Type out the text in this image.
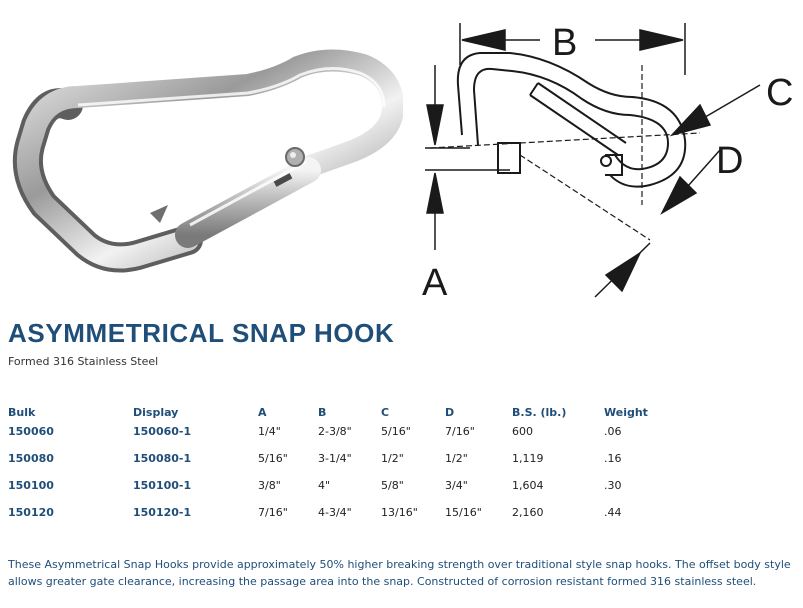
B
C
D
A
ASYMMETRICAL SNAP HOOK
Formed 316 Stainless Steel
Bulk	Display	A	B	C	D	B.S. (lb.)	Weight
150060	150060-1	1/4"	2-3/8"	5/16"	7/16"	600	.06
150080	150080-1	5/16"	3-1/4"	1/2"	1/2"	1,119	.16
150100	150100-1	3/8"	4"	5/8"	3/4"	1,604	.30
150120	150120-1	7/16"	4-3/4"	13/16"	15/16"	2,160	.44

These Asymmetrical Snap Hooks provide approximately 50% higher breaking strength over traditional style snap hooks. The offset body style allows greater gate clearance, increasing the passage area into the snap. Constructed of corrosion resistant formed 316 stainless steel.
